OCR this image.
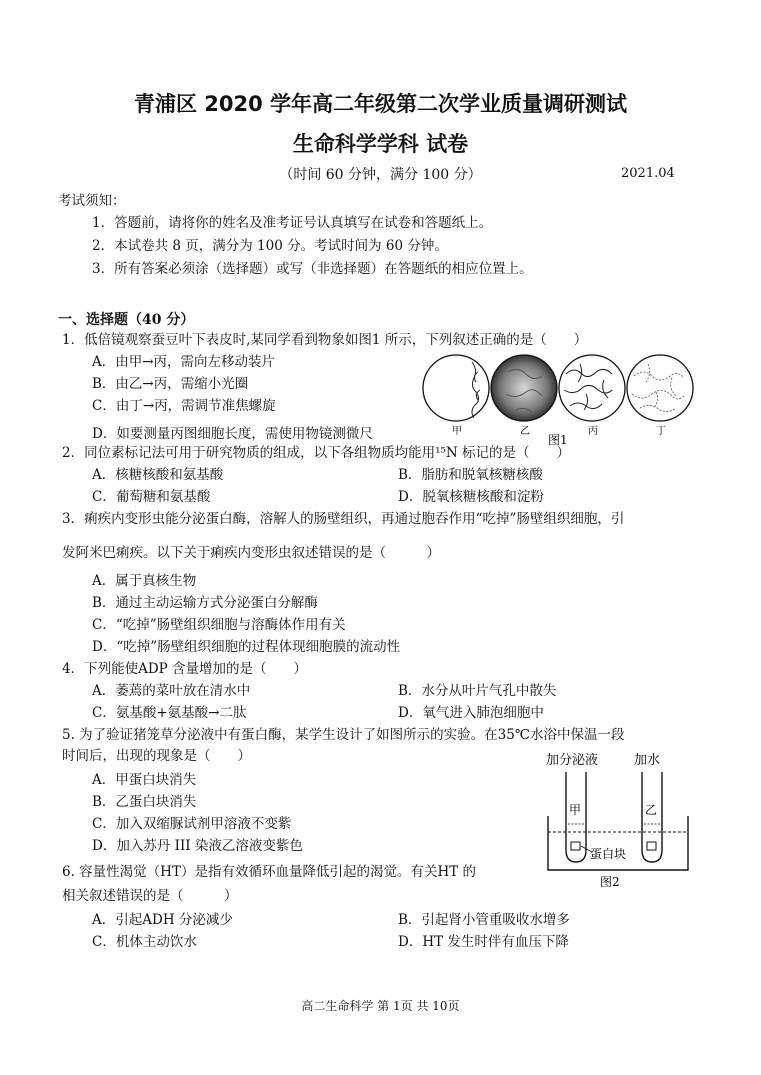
青浦区 2020 学年高二年级第二次学业质量调研测试
生命科学学科 试卷
（时间 60 分钟，满分 100 分）	2021.04
考试须知：
1．答题前，请将你的姓名及准考证号认真填写在试卷和答题纸上。
2．本试卷共 8 页，满分为 100 分。考试时间为 60 分钟。
3．所有答案必须涂（选择题）或写（非选择题）在答题纸的相应位置上。
一、选择题（40 分）
1．低倍镜观察蚕豆叶下表皮时,某同学看到物象如图1 所示，下列叙述正确的是（　　）
A．由甲→丙，需向左移动装片
B．由乙→丙，需缩小光圈
C．由丁→丙，需调节准焦螺旋
D．如要测量丙图细胞长度，需使用物镜测微尺	甲	乙	丙	丁
图1
2．同位素标记法可用于研究物质的组成，以下各组物质均能用¹⁵N 标记的是（　　）
A．核糖核酸和氨基酸	B．脂肪和脱氧核糖核酸
C．葡萄糖和氨基酸	D．脱氧核糖核酸和淀粉
3．痢疾内变形虫能分泌蛋白酶，溶解人的肠壁组织，再通过胞吞作用“吃掉”肠壁组织细胞，引
发阿米巴痢疾。以下关于痢疾内变形虫叙述错误的是（　　　）
A．属于真核生物
B．通过主动运输方式分泌蛋白分解酶
C．“吃掉”肠壁组织细胞与溶酶体作用有关
D．“吃掉”肠壁组织细胞的过程体现细胞膜的流动性
4．下列能使ADP 含量增加的是（　　）
A．萎蔫的菜叶放在清水中	B．水分从叶片气孔中散失
C．氨基酸+氨基酸→二肽	D．氧气进入肺泡细胞中
5. 为了验证猪笼草分泌液中有蛋白酶，某学生设计了如图所示的实验。在35℃水浴中保温一段
时间后，出现的现象是（　　）
A．甲蛋白块消失
B．乙蛋白块消失
C．加入双缩脲试剂甲溶液不变紫
D．加入苏丹 III 染液乙溶液变紫色
加分泌液	加水
甲	乙
蛋白块
图2
6. 容量性渴觉（HT）是指有效循环血量降低引起的渴觉。有关HT 的
相关叙述错误的是（　　　）
A．引起ADH 分泌减少	B．引起肾小管重吸收水增多
C．机体主动饮水	D．HT 发生时伴有血压下降
高二生命科学 第 1页 共 10页
